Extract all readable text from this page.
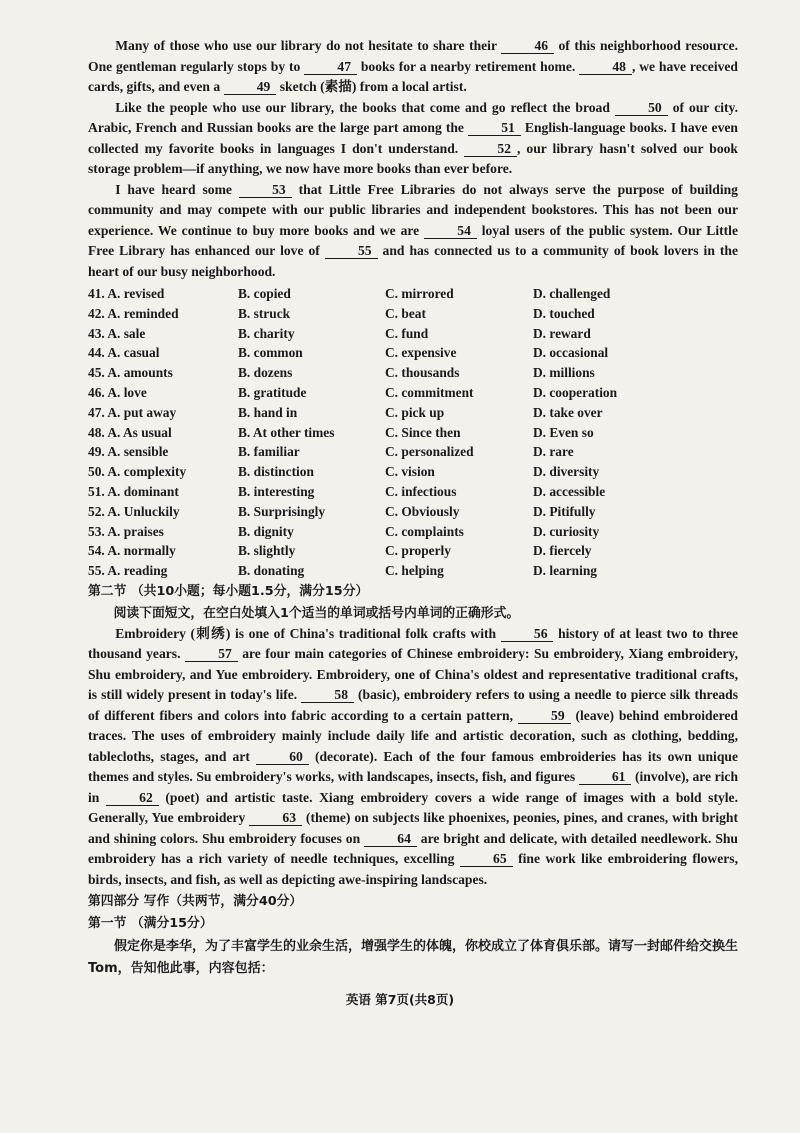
Many of those who use our library do not hesitate to share their 46 of this neighborhood resource. One gentleman regularly stops by to 47 books for a nearby retirement home. 48 , we have received cards, gifts, and even a 49 sketch (素描) from a local artist.

Like the people who use our library, the books that come and go reflect the broad 50 of our city. Arabic, French and Russian books are the large part among the 51 English-language books. I have even collected my favorite books in languages I don't understand. 52 , our library hasn't solved our book storage problem—if anything, we now have more books than ever before.

I have heard some 53 that Little Free Libraries do not always serve the purpose of building community and may compete with our public libraries and independent bookstores. This has not been our experience. We continue to buy more books and we are 54 loyal users of the public system. Our Little Free Library has enhanced our love of 55 and has connected us to a community of book lovers in the heart of our busy neighborhood.

41. A. revised	B. copied	C. mirrored	D. challenged
42. A. reminded	B. struck	C. beat	D. touched
43. A. sale	B. charity	C. fund	D. reward
44. A. casual	B. common	C. expensive	D. occasional
45. A. amounts	B. dozens	C. thousands	D. millions
46. A. love	B. gratitude	C. commitment	D. cooperation
47. A. put away	B. hand in	C. pick up	D. take over
48. A. As usual	B. At other times	C. Since then	D. Even so
49. A. sensible	B. familiar	C. personalized	D. rare
50. A. complexity	B. distinction	C. vision	D. diversity
51. A. dominant	B. interesting	C. infectious	D. accessible
52. A. Unluckily	B. Surprisingly	C. Obviously	D. Pitifully
53. A. praises	B. dignity	C. complaints	D. curiosity
54. A. normally	B. slightly	C. properly	D. fiercely
55. A. reading	B. donating	C. helping	D. learning
第二节 （共10小题；每小题1.5分，满分15分）

阅读下面短文，在空白处填入1个适当的单词或括号内单词的正确形式。

Embroidery (刺绣) is one of China's traditional folk crafts with 56 history of at least two to three thousand years. 57 are four main categories of Chinese embroidery: Su embroidery, Xiang embroidery, Shu embroidery, and Yue embroidery. Embroidery, one of China's oldest and representative traditional crafts, is still widely present in today's life. 58 (basic), embroidery refers to using a needle to pierce silk threads of different fibers and colors into fabric according to a certain pattern, 59 (leave) behind embroidered traces. The uses of embroidery mainly include daily life and artistic decoration, such as clothing, bedding, tablecloths, stages, and art 60 (decorate). Each of the four famous embroideries has its own unique themes and styles. Su embroidery's works, with landscapes, insects, fish, and figures 61 (involve), are rich in 62 (poet) and artistic taste. Xiang embroidery covers a wide range of images with a bold style. Generally, Yue embroidery 63 (theme) on subjects like phoenixes, peonies, pines, and cranes, with bright and shining colors. Shu embroidery focuses on 64 are bright and delicate, with detailed needlework. Shu embroidery has a rich variety of needle techniques, excelling 65 fine work like embroidering flowers, birds, insects, and fish, as well as depicting awe-inspiring landscapes.

第四部分 写作（共两节，满分40分）
第一节 （满分15分）

假定你是李华，为了丰富学生的业余生活，增强学生的体魄，你校成立了体育俱乐部。请写一封邮件给交换生Tom，告知他此事，内容包括：

英语 第7页(共8页)
